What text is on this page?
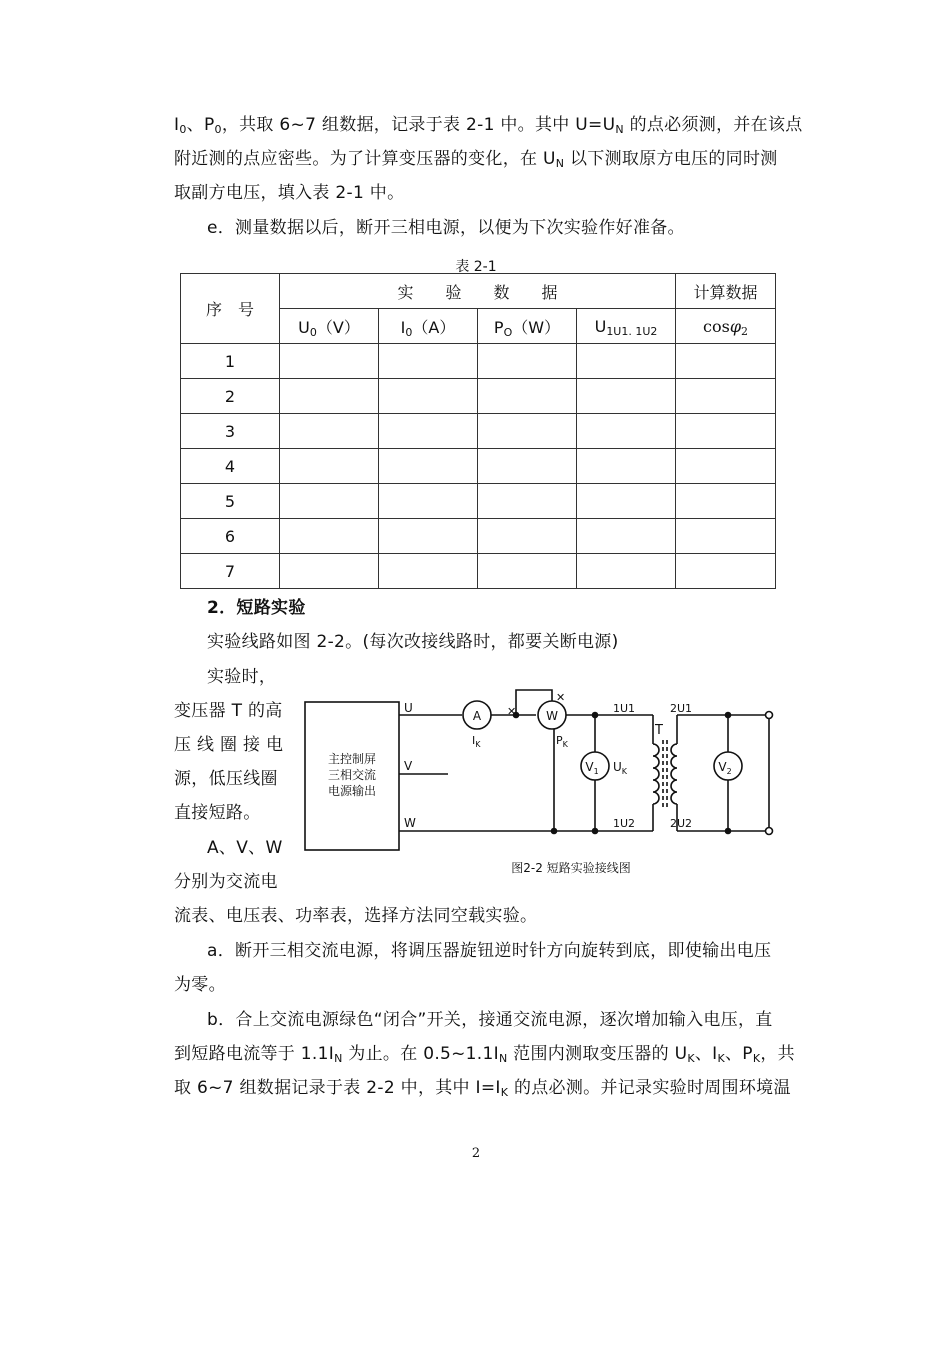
$I_0$、$P_0$，共取 6~7 组数据，记录于表 2-1 中。其中 $U=U_N$ 的点必须测，并在该点
附近测的点应密些。为了计算变压器的变化，在 $U_N$ 以下测取原方电压的同时测
取副方电压，填入表 2-1 中。
e．测量数据以后，断开三相电源，以便为下次实验作好准备。
表 2-1
序　号	实　　验　　数　　据				计算数据
	$U_0(V)$	$I_0(A)$	$P_O(W)$	$U_{1U1. 1U2}$	cosφ$_2$
1					
2					
3					
4					
5					
6					
7					
2．短路实验
实验线路如图 2-2。(每次改接线路时，都要关断电源)
实验时，
变压器 T 的高
压 线 圈 接 电
源，低压线圈
直接短路。
A、V、W
分别为交流电
流表、电压表、功率表，选择方法同空载实验。
a．断开三相交流电源，将调压器旋钮逆时针方向旋转到底，即使输出电压
为零。
b．合上交流电源绿色“闭合”开关，接通交流电源，逐次增加输入电压，直
到短路电流等于 $1.1I_N$ 为止。在 $0.5\sim 1.1I_N$ 范围内测取变压器的 $U_K$、$I_K$、$P_K$，共
取 6~7 组数据记录于表 2-2 中，其中 $I=I_K$ 的点必测。并记录实验时周围环境温
主控制屏
三相交流
电源输出
U
A
$I_K$
W
$P_K$
✕
✕
V
W
$V_1$ $U_K$
1U1
1U2
T
2U1
2U2
$V_2$
图2-2 短路实验接线图
2
